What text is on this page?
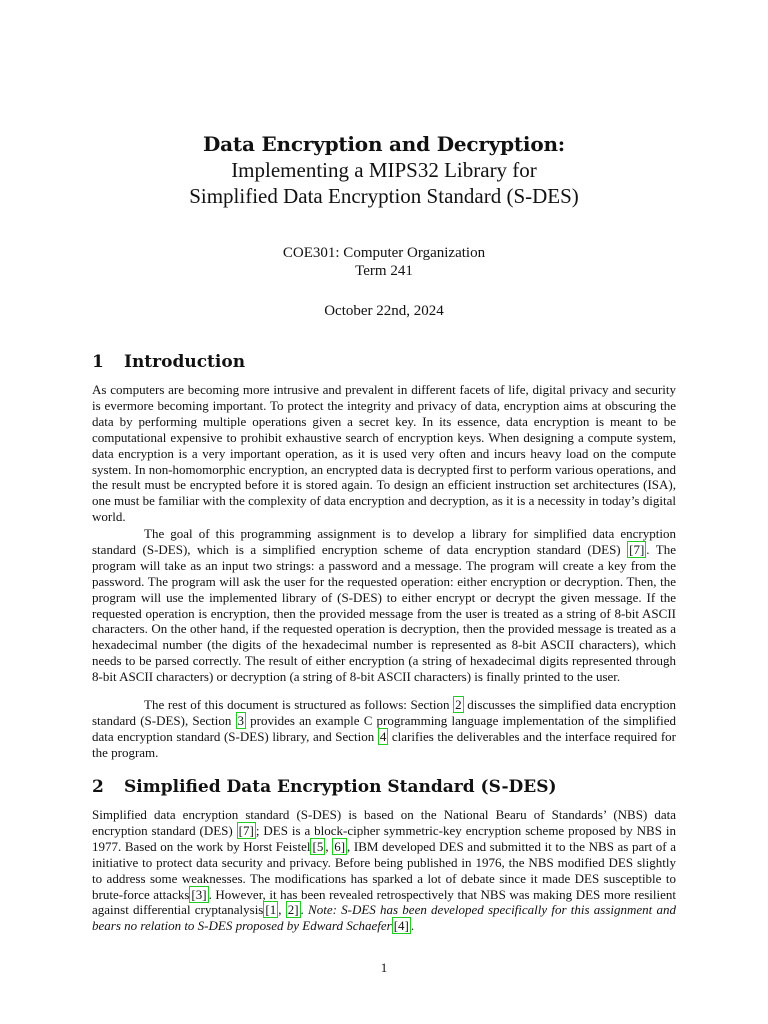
Data Encryption and Decryption:
Implementing a MIPS32 Library for
Simplified Data Encryption Standard (S-DES)
COE301: Computer Organization
Term 241
October 22nd, 2024
1 Introduction

As computers are becoming more intrusive and prevalent in different facets of life, digital privacy and security is evermore becoming important. To protect the integrity and privacy of data, encryption aims at obscuring the data by performing multiple operations given a secret key. In its essence, data encryption is meant to be computational expensive to prohibit exhaustive search of encryption keys. When designing a compute system, data encryption is a very important operation, as it is used very often and incurs heavy load on the compute system. In non-homomorphic encryption, an encrypted data is decrypted first to perform various operations, and the result must be encrypted before it is stored again. To design an efficient instruction set architectures (ISA), one must be familiar with the complexity of data encryption and decryption, as it is a necessity in today’s digital world.

The goal of this programming assignment is to develop a library for simplified data encryption standard (S-DES), which is a simplified encryption scheme of data encryption standard (DES) [7] . The program will take as an input two strings: a password and a message. The program will create a key from the password. The program will ask the user for the requested operation: either encryption or decryption. Then, the program will use the implemented library of (S-DES) to either encrypt or decrypt the given message. If the requested operation is encryption, then the provided message from the user is treated as a string of 8-bit ASCII characters. On the other hand, if the requested operation is decryption, then the provided message is treated as a hexadecimal number (the digits of the hexadecimal number is represented as 8-bit ASCII characters), which needs to be parsed correctly. The result of either encryption (a string of hexadecimal digits represented through 8-bit ASCII characters) or decryption (a string of 8-bit ASCII characters) is finally printed to the user.

The rest of this document is structured as follows: Section 2 discusses the simplified data encryption standard (S-DES), Section 3 provides an example C programming language implementation of the simplified data encryption standard (S-DES) library, and Section 4 clarifies the deliverables and the interface required for the program.

2 Simplified Data Encryption Standard (S-DES)

Simplified data encryption standard (S-DES) is based on the National Bearu of Standards’ (NBS) data encryption standard (DES) [7] ; DES is a block-cipher symmetric-key encryption scheme proposed by NBS in 1977. Based on the work by Horst Feistel [5 , 6] , IBM developed DES and submitted it to the NBS as part of a initiative to protect data security and privacy. Before being published in 1976, the NBS modified DES slightly to address some weaknesses. The modifications has sparked a lot of debate since it made DES susceptible to brute-force attacks [3] . However, it has been revealed retrospectively that NBS was making DES more resilient against differential cryptanalysis [1 , 2] . Note: S-DES has been developed specifically for this assignment and bears no relation to S-DES proposed by Edward Schaefer [4] .

1
